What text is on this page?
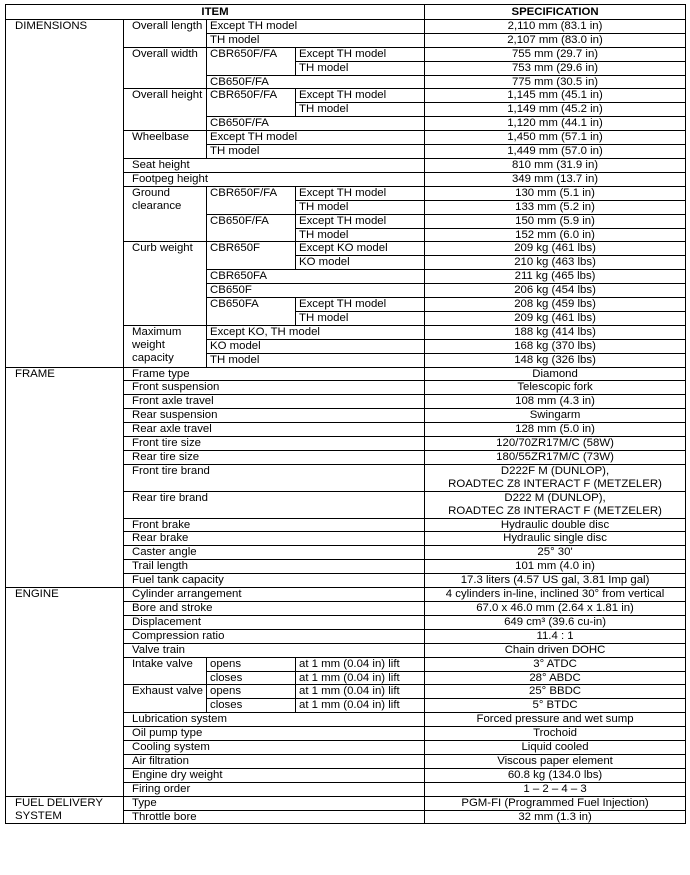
ITEM				SPECIFICATION
DIMENSIONS	Overall length	Except TH model		2,110 mm (83.1 in)
		TH model		2,107 mm (83.0 in)
	Overall width	CBR650F/FA	Except TH model	755 mm (29.7 in)
			TH model	753 mm (29.6 in)
		CB650F/FA		775 mm (30.5 in)
	Overall height	CBR650F/FA	Except TH model	1,145 mm (45.1 in)
			TH model	1,149 mm (45.2 in)
		CB650F/FA		1,120 mm (44.1 in)
	Wheelbase	Except TH model		1,450 mm (57.1 in)
		TH model		1,449 mm (57.0 in)
	Seat height			810 mm (31.9 in)
	Footpeg height			349 mm (13.7 in)
	Ground clearance	CBR650F/FA	Except TH model	130 mm (5.1 in)
			TH model	133 mm (5.2 in)
		CB650F/FA	Except TH model	150 mm (5.9 in)
			TH model	152 mm (6.0 in)
	Curb weight	CBR650F	Except KO model	209 kg (461 lbs)
			KO model	210 kg (463 lbs)
		CBR650FA		211 kg (465 lbs)
		CB650F		206 kg (454 lbs)
		CB650FA	Except TH model	208 kg (459 lbs)
			TH model	209 kg (461 lbs)
	Maximum weight capacity	Except KO, TH model		188 kg (414 lbs)
		KO model		168 kg (370 lbs)
		TH model		148 kg (326 lbs)
FRAME	Frame type			Diamond
	Front suspension			Telescopic fork
	Front axle travel			108 mm (4.3 in)
	Rear suspension			Swingarm
	Rear axle travel			128 mm (5.0 in)
	Front tire size			120/70ZR17M/C (58W)
	Rear tire size			180/55ZR17M/C (73W)
	Front tire brand			D222F M (DUNLOP),
ROADTEC Z8 INTERACT F (METZELER)
	Rear tire brand			D222 M (DUNLOP),
ROADTEC Z8 INTERACT F (METZELER)
	Front brake			Hydraulic double disc
	Rear brake			Hydraulic single disc
	Caster angle			25° 30'
	Trail length			101 mm (4.0 in)
	Fuel tank capacity			17.3 liters (4.57 US gal, 3.81 Imp gal)
ENGINE	Cylinder arrangement			4 cylinders in-line, inclined 30° from vertical
	Bore and stroke			67.0 x 46.0 mm (2.64 x 1.81 in)
	Displacement			649 cm³ (39.6 cu-in)
	Compression ratio			11.4 : 1
	Valve train			Chain driven DOHC
	Intake valve	opens	at 1 mm (0.04 in) lift	3° ATDC
		closes	at 1 mm (0.04 in) lift	28° ABDC
	Exhaust valve	opens	at 1 mm (0.04 in) lift	25° BBDC
		closes	at 1 mm (0.04 in) lift	5° BTDC
	Lubrication system			Forced pressure and wet sump
	Oil pump type			Trochoid
	Cooling system			Liquid cooled
	Air filtration			Viscous paper element
	Engine dry weight			60.8 kg (134.0 lbs)
	Firing order			1 – 2 – 4 – 3
FUEL DELIVERY SYSTEM	Type			PGM-FI (Programmed Fuel Injection)
	Throttle bore			32 mm (1.3 in)
